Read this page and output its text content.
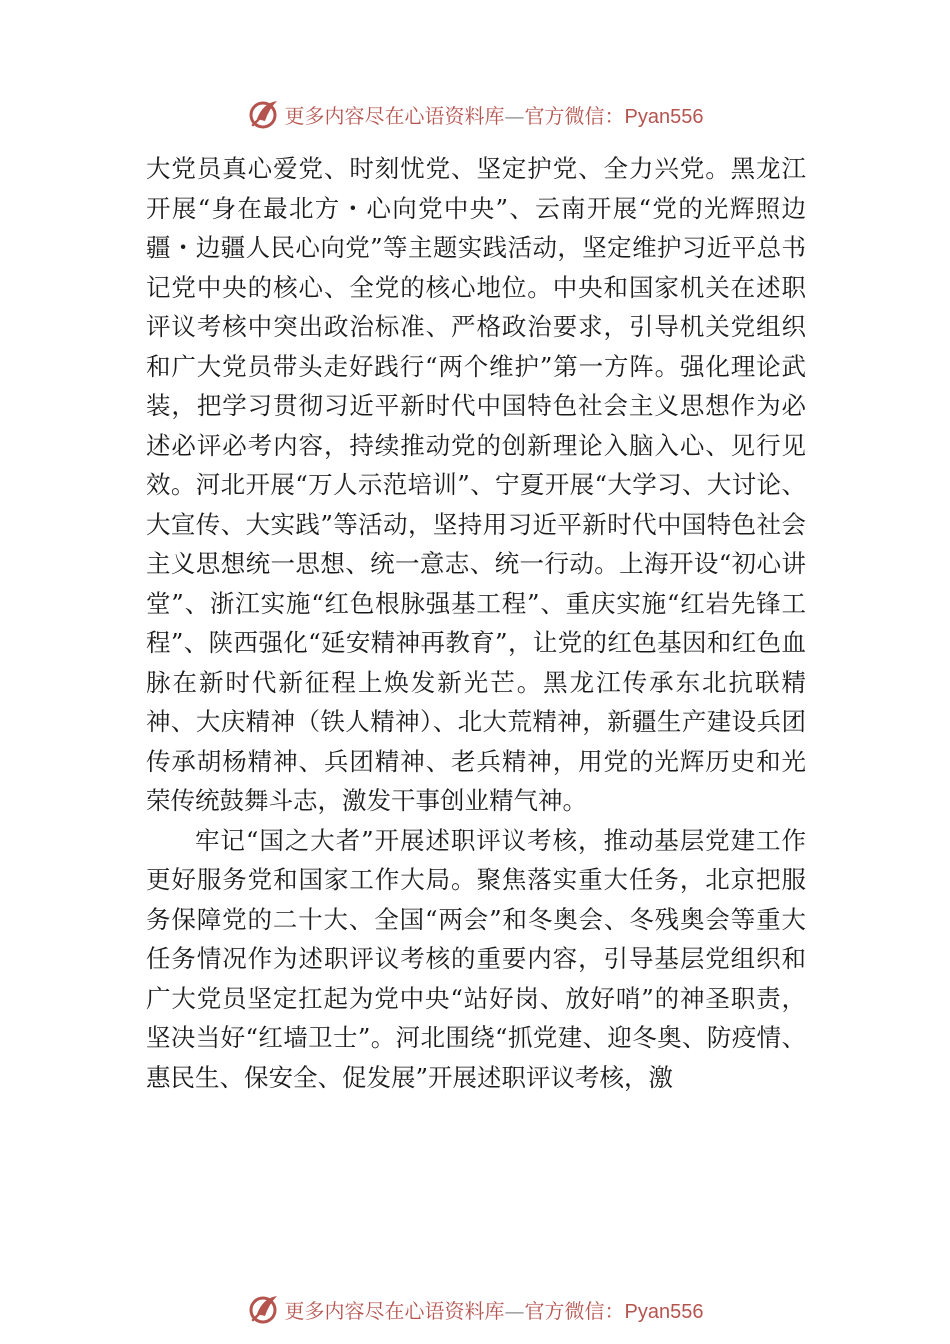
更多内容尽在心语资料库—官方微信：Pyan556

大党员真心爱党、时刻忧党、坚定护党、全力兴党。黑龙江开展“身在最北方・心向党中央”、云南开展“党的光辉照边疆・边疆人民心向党”等主题实践活动，坚定维护习近平总书记党中央的核心、全党的核心地位。中央和国家机关在述职评议考核中突出政治标准、严格政治要求，引导机关党组织和广大党员带头走好践行“两个维护”第一方阵。强化理论武装，把学习贯彻习近平新时代中国特色社会主义思想作为必述必评必考内容，持续推动党的创新理论入脑入心、见行见效。河北开展“万人示范培训”、宁夏开展“大学习、大讨论、大宣传、大实践”等活动，坚持用习近平新时代中国特色社会主义思想统一思想、统一意志、统一行动。上海开设“初心讲堂”、浙江实施“红色根脉强基工程”、重庆实施“红岩先锋工程”、陕西强化“延安精神再教育”，让党的红色基因和红色血脉在新时代新征程上焕发新光芒。黑龙江传承东北抗联精神、大庆精神（铁人精神）、北大荒精神，新疆生产建设兵团传承胡杨精神、兵团精神、老兵精神，用党的光辉历史和光荣传统鼓舞斗志，激发干事创业精气神。

牢记“国之大者”开展述职评议考核，推动基层党建工作更好服务党和国家工作大局。聚焦落实重大任务，北京把服务保障党的二十大、全国“两会”和冬奥会、冬残奥会等重大任务情况作为述职评议考核的重要内容，引导基层党组织和广大党员坚定扛起为党中央“站好岗、放好哨”的神圣职责，坚决当好“红墙卫士”。河北围绕“抓党建、迎冬奥、防疫情、惠民生、保安全、促发展”开展述职评议考核，激

更多内容尽在心语资料库—官方微信：Pyan556
